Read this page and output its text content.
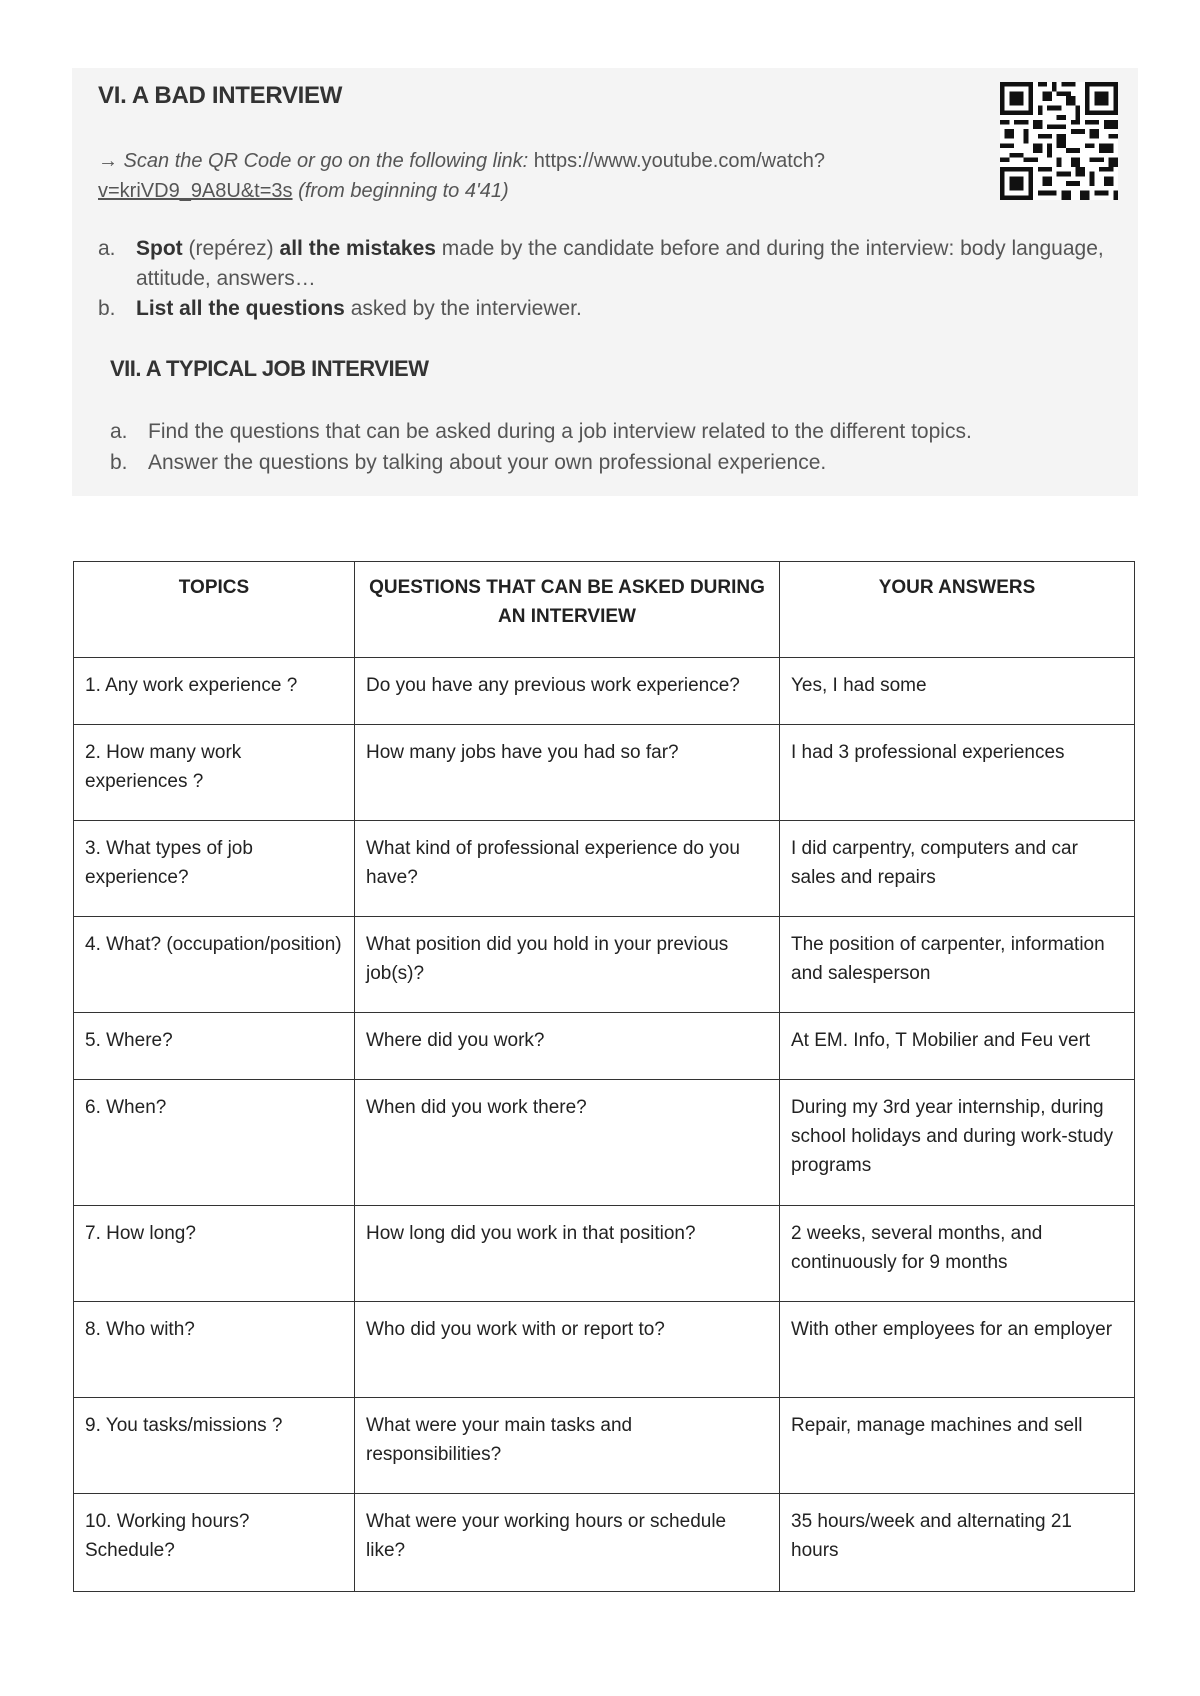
VI. A BAD INTERVIEW

→ Scan the QR Code or go on the following link: https://www.youtube.com/watch?
v=kriVD9_9A8U&t=3s (from beginning to 4'41)

a. Spot (repérez) all the mistakes made by the candidate before and during the interview: body language, attitude, answers…
b. List all the questions asked by the interviewer.
VII. A TYPICAL JOB INTERVIEW
a. Find the questions that can be asked during a job interview related to the different topics.
b. Answer the questions by talking about your own professional experience.
TOPICS	QUESTIONS THAT CAN BE ASKED DURING AN INTERVIEW	YOUR ANSWERS
1. Any work experience ?	Do you have any previous work experience?	Yes, I had some
2. How many work experiences ?	How many jobs have you had so far?	I had 3 professional experiences
3. What types of job experience?	What kind of professional experience do you have?	I did carpentry, computers and car sales and repairs
4. What? (occupation/position)	What position did you hold in your previous job(s)?	The position of carpenter, information and salesperson
5. Where?	Where did you work?	At EM. Info, T Mobilier and Feu vert
6. When?	When did you work there?	During my 3rd year internship, during school holidays and during work-study programs
7. How long?	How long did you work in that position?	2 weeks, several months, and continuously for 9 months
8. Who with?	Who did you work with or report to?	With other employees for an employer
9. You tasks/missions ?	What were your main tasks and responsibilities?	Repair, manage machines and sell
10. Working hours? Schedule?	What were your working hours or schedule like?	35 hours/week and alternating 21 hours
